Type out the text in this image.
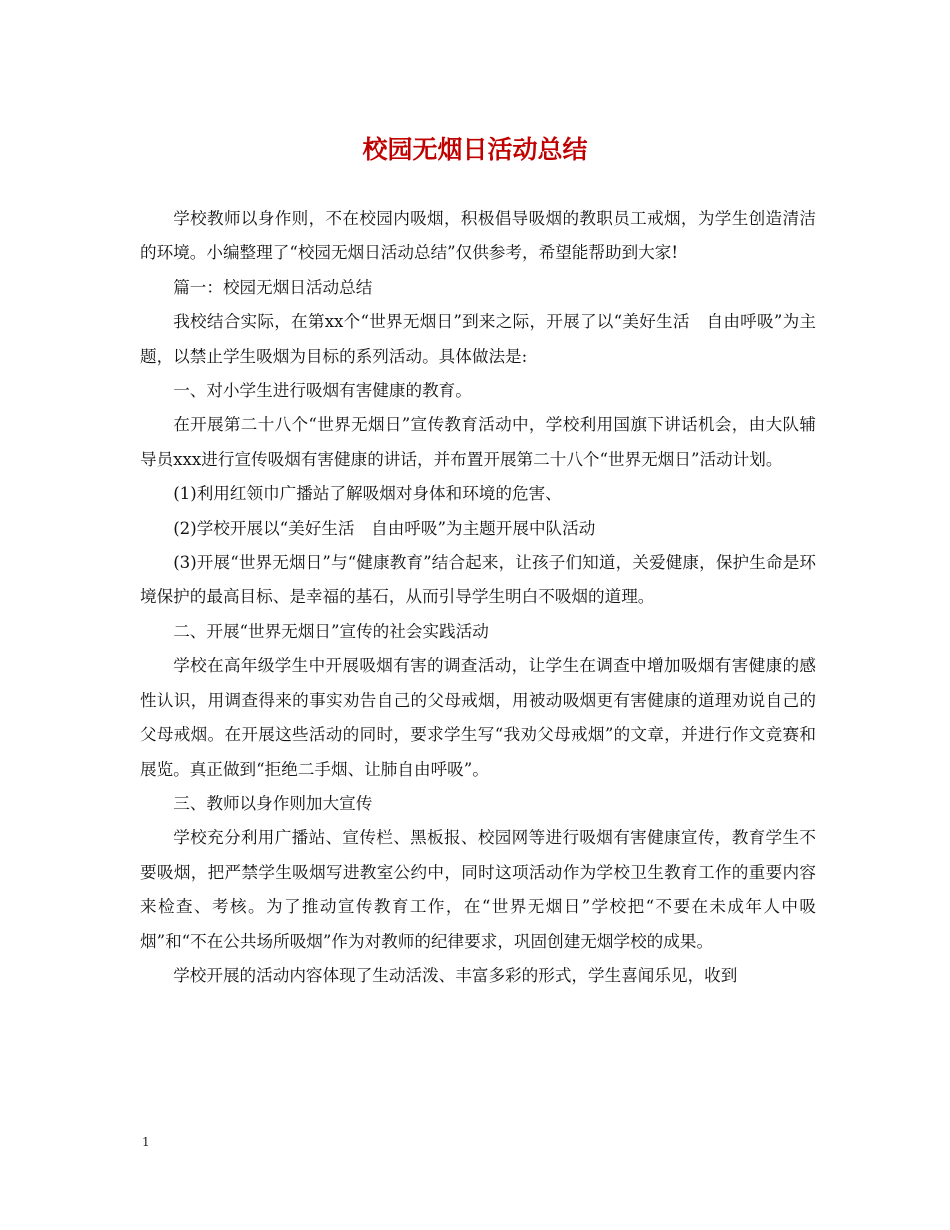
校园无烟日活动总结

学校教师以身作则，不在校园内吸烟，积极倡导吸烟的教职员工戒烟，为学生创造清洁的环境。小编整理了“校园无烟日活动总结”仅供参考，希望能帮助到大家!

篇一：校园无烟日活动总结

我校结合实际，在第xx个“世界无烟日”到来之际，开展了以“美好生活　自由呼吸”为主题，以禁止学生吸烟为目标的系列活动。具体做法是:

一、对小学生进行吸烟有害健康的教育。

在开展第二十八个“世界无烟日”宣传教育活动中，学校利用国旗下讲话机会，由大队辅导员xxx进行宣传吸烟有害健康的讲话，并布置开展第二十八个“世界无烟日”活动计划。

(1)利用红领巾广播站了解吸烟对身体和环境的危害、

(2)学校开展以“美好生活　自由呼吸”为主题开展中队活动

(3)开展“世界无烟日”与“健康教育”结合起来，让孩子们知道，关爱健康，保护生命是环境保护的最高目标、是幸福的基石，从而引导学生明白不吸烟的道理。

二、开展“世界无烟日”宣传的社会实践活动

学校在高年级学生中开展吸烟有害的调查活动，让学生在调查中增加吸烟有害健康的感性认识，用调查得来的事实劝告自己的父母戒烟，用被动吸烟更有害健康的道理劝说自己的父母戒烟。在开展这些活动的同时，要求学生写“我劝父母戒烟”的文章，并进行作文竞赛和展览。真正做到“拒绝二手烟、让肺自由呼吸”。

三、教师以身作则加大宣传

学校充分利用广播站、宣传栏、黑板报、校园网等进行吸烟有害健康宣传，教育学生不要吸烟，把严禁学生吸烟写进教室公约中，同时这项活动作为学校卫生教育工作的重要内容来检查、考核。为了推动宣传教育工作，在“世界无烟日”学校把“不要在未成年人中吸烟”和“不在公共场所吸烟”作为对教师的纪律要求，巩固创建无烟学校的成果。

学校开展的活动内容体现了生动活泼、丰富多彩的形式，学生喜闻乐见，收到

1
